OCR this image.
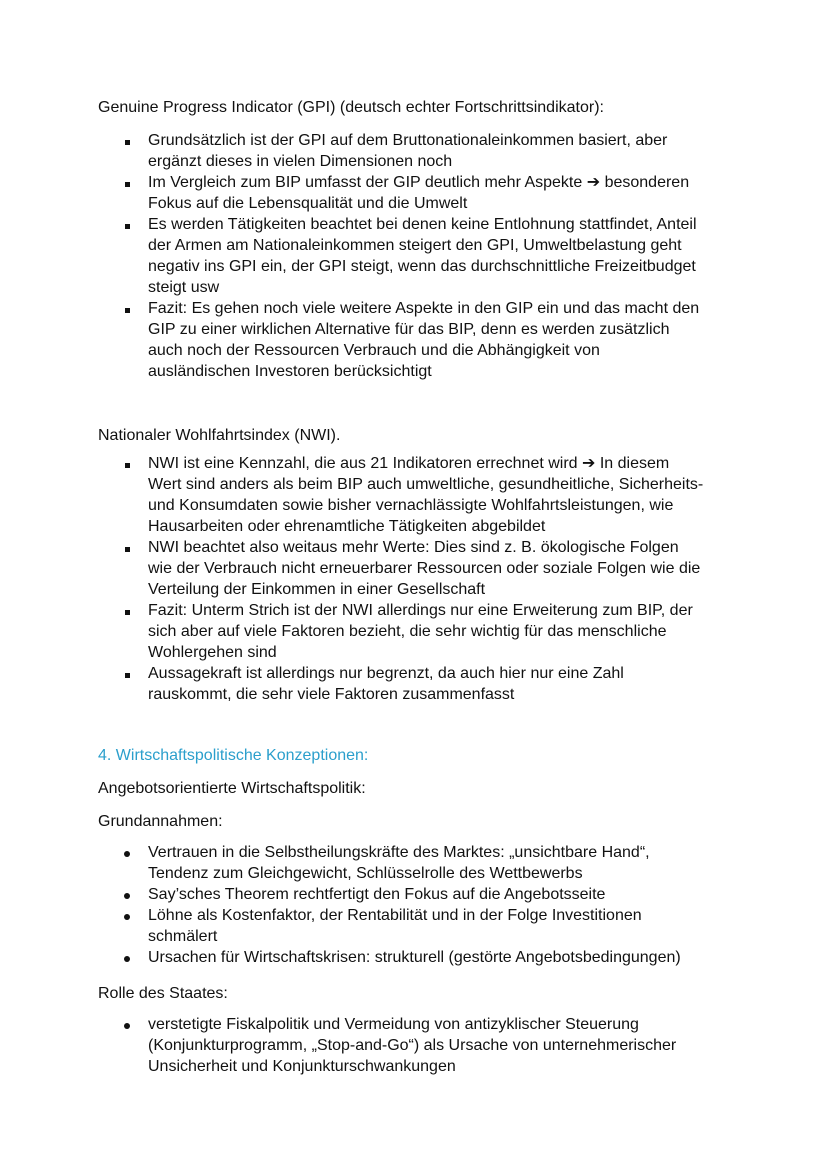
Genuine Progress Indicator (GPI) (deutsch echter Fortschrittsindikator):
Grundsätzlich ist der GPI auf dem Bruttonationaleinkommen basiert, aber
ergänzt dieses in vielen Dimensionen noch
Im Vergleich zum BIP umfasst der GIP deutlich mehr Aspekte ➔ besonderen
Fokus auf die Lebensqualität und die Umwelt
Es werden Tätigkeiten beachtet bei denen keine Entlohnung stattfindet, Anteil
der Armen am Nationaleinkommen steigert den GPI, Umweltbelastung geht
negativ ins GPI ein, der GPI steigt, wenn das durchschnittliche Freizeitbudget
steigt usw
Fazit: Es gehen noch viele weitere Aspekte in den GIP ein und das macht den
GIP zu einer wirklichen Alternative für das BIP, denn es werden zusätzlich
auch noch der Ressourcen Verbrauch und die Abhängigkeit von
ausländischen Investoren berücksichtigt
Nationaler Wohlfahrtsindex (NWI).
NWI ist eine Kennzahl, die aus 21 Indikatoren errechnet wird ➔ In diesem
Wert sind anders als beim BIP auch umweltliche, gesundheitliche, Sicherheits-
und Konsumdaten sowie bisher vernachlässigte Wohlfahrtsleistungen, wie
Hausarbeiten oder ehrenamtliche Tätigkeiten abgebildet
NWI beachtet also weitaus mehr Werte: Dies sind z. B. ökologische Folgen
wie der Verbrauch nicht erneuerbarer Ressourcen oder soziale Folgen wie die
Verteilung der Einkommen in einer Gesellschaft
Fazit: Unterm Strich ist der NWI allerdings nur eine Erweiterung zum BIP, der
sich aber auf viele Faktoren bezieht, die sehr wichtig für das menschliche
Wohlergehen sind
Aussagekraft ist allerdings nur begrenzt, da auch hier nur eine Zahl
rauskommt, die sehr viele Faktoren zusammenfasst
4. Wirtschaftspolitische Konzeptionen:
Angebotsorientierte Wirtschaftspolitik:
Grundannahmen:
Vertrauen in die Selbstheilungskräfte des Marktes: „unsichtbare Hand“,
Tendenz zum Gleichgewicht, Schlüsselrolle des Wettbewerbs
Say’sches Theorem rechtfertigt den Fokus auf die Angebotsseite
Löhne als Kostenfaktor, der Rentabilität und in der Folge Investitionen
schmälert
Ursachen für Wirtschaftskrisen: strukturell (gestörte Angebotsbedingungen)
Rolle des Staates:
verstetigte Fiskalpolitik und Vermeidung von antizyklischer Steuerung
(Konjunkturprogramm, „Stop-and-Go“) als Ursache von unternehmerischer
Unsicherheit und Konjunkturschwankungen
